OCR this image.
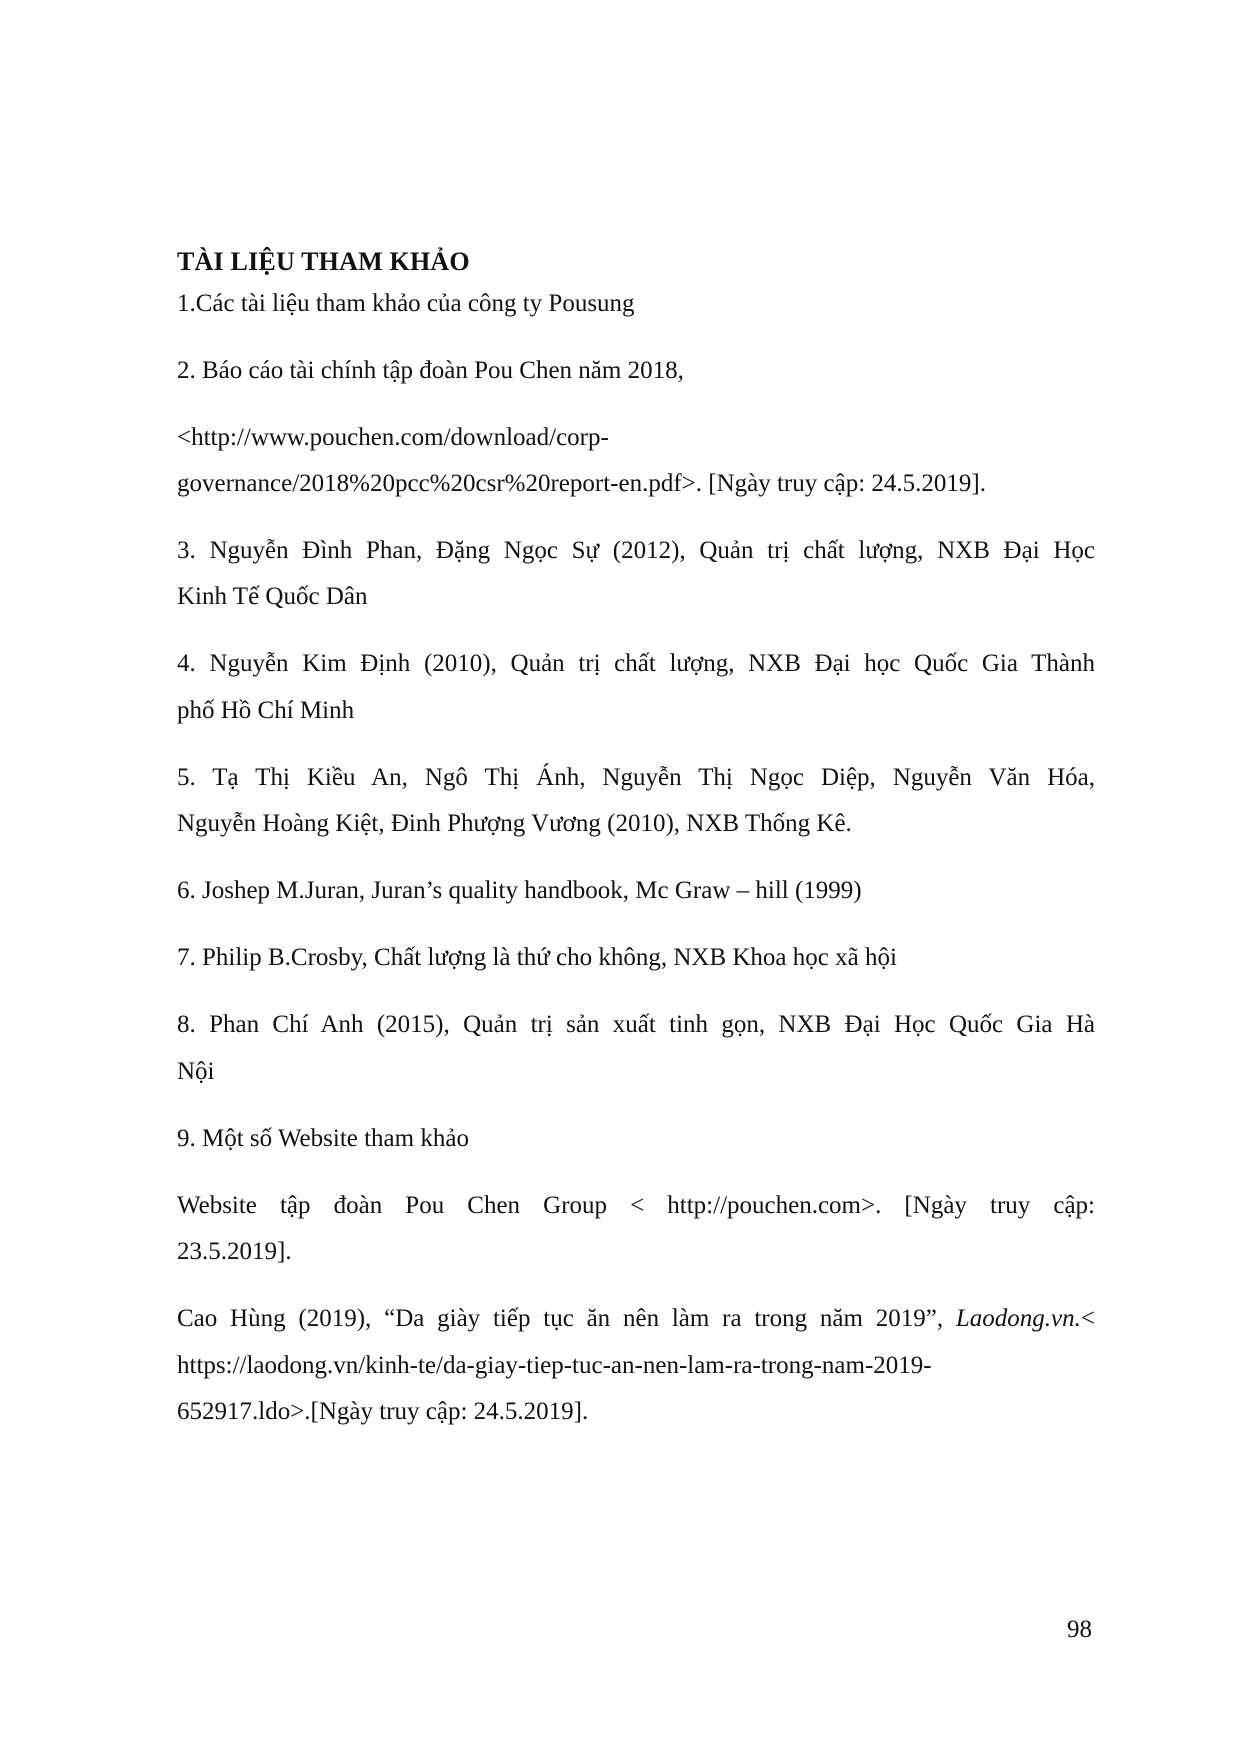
TÀI LIỆU THAM KHẢO
1.Các tài liệu tham khảo của công ty Pousung
2. Báo cáo tài chính tập đoàn Pou Chen năm 2018,
<http://www.pouchen.com/download/corp-
governance/2018%20pcc%20csr%20report-en.pdf>. [Ngày truy cập: 24.5.2019].
3. Nguyễn Đình Phan, Đặng Ngọc Sự (2012), Quản trị chất lượng, NXB Đại Học
Kinh Tế Quốc Dân
4. Nguyễn Kim Định (2010), Quản trị chất lượng, NXB Đại học Quốc Gia Thành
phố Hồ Chí Minh
5. Tạ Thị Kiều An, Ngô Thị Ánh, Nguyễn Thị Ngọc Diệp, Nguyễn Văn Hóa,
Nguyễn Hoàng Kiệt, Đinh Phượng Vương (2010), NXB Thống Kê.
6. Joshep M.Juran, Juran’s quality handbook, Mc Graw – hill (1999)
7. Philip B.Crosby, Chất lượng là thứ cho không, NXB Khoa học xã hội
8. Phan Chí Anh (2015), Quản trị sản xuất tinh gọn, NXB Đại Học Quốc Gia Hà
Nội
9. Một số Website tham khảo
Website tập đoàn Pou Chen Group < http://pouchen.com>. [Ngày truy cập:
23.5.2019].
Cao Hùng (2019), “Da giày tiếp tục ăn nên làm ra trong năm 2019”, Laodong.vn.<
https://laodong.vn/kinh-te/da-giay-tiep-tuc-an-nen-lam-ra-trong-nam-2019-
652917.ldo>.[Ngày truy cập: 24.5.2019].
98
